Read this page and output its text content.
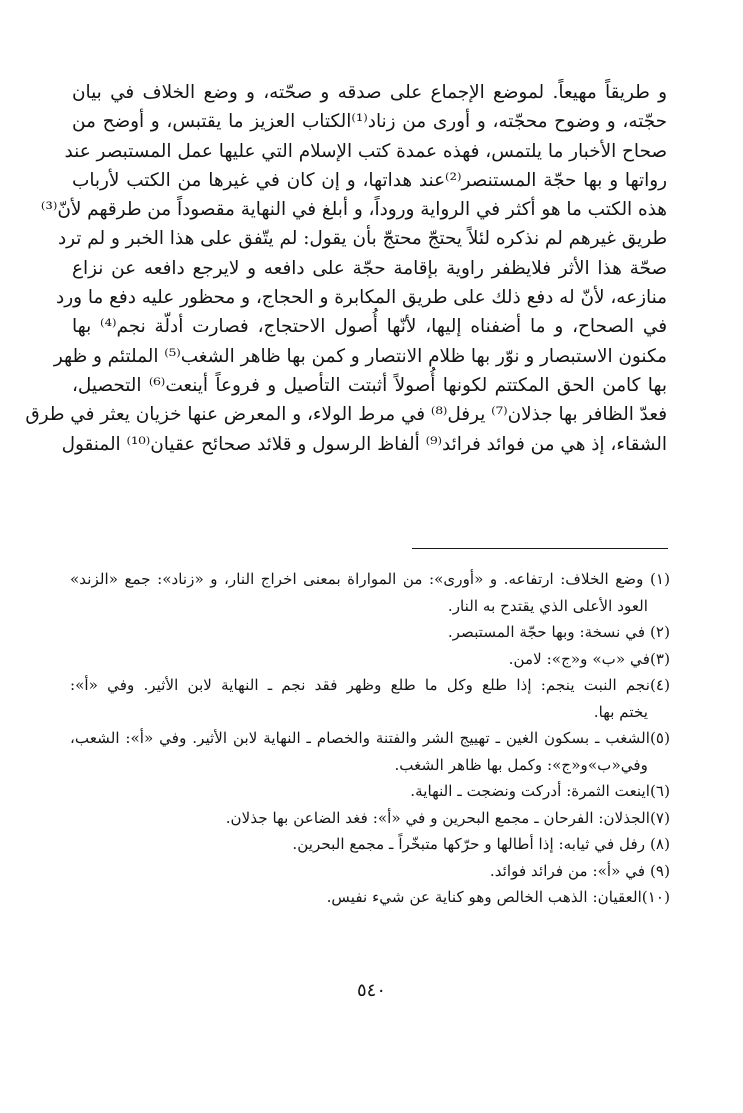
و طريقاً مهيعاً. لموضع الإجماع على صدقه و صحّته، و وضع الخلاف في بيان
حجّته، و وضوح محجّته، و أورى من زناد⁽¹⁾الكتاب العزيز ما يقتبس، و أوضح من
صحاح الأخبار ما يلتمس، فهذه عمدة كتب الإسلام التي عليها عمل المستبصر عند
رواتها و بها حجّة المستنصر⁽²⁾عند هداتها، و إن كان في غيرها من الكتب لأرباب
هذه الكتب ما هو أكثر في الرواية وروداً، و أبلغ في النهاية مقصوداً من طرقهم لأنّ⁽³⁾
طريق غيرهم لم نذكره لئلاً يحتجّ محتجّ بأن يقول: لم يتّفق على هذا الخبر و لم ترد
صحّة هذا الأثر فلايظفر راوية بإقامة حجّة على دافعه و لايرجع دافعه عن نزاع
منازعه، لأنّ له دفع ذلك على طريق المكابرة و الحجاج، و محظور عليه دفع ما ورد
في الصحاح، و ما أضفناه إليها، لأنّها أُصول الاحتجاج، فصارت أدلّة نجم⁽⁴⁾ بها
مكنون الاستبصار و نوّر بها ظلام الانتصار و كمن بها ظاهر الشغب⁽⁵⁾ الملتئم و ظهر
بها كامن الحق المكتتم لكونها أُصولاً أثبتت التأصيل و فروعاً أينعت⁽⁶⁾ التحصيل،
فعدّ الظافر بها جذلان⁽⁷⁾ يرفل⁽⁸⁾ في مرط الولاء، و المعرض عنها خزيان يعثر في طرق
الشقاء، إذ هي من فوائد فرائد⁽⁹⁾ ألفاظ الرسول و قلائد صحائح عقيان⁽¹⁰⁾ المنقول
(١) وضع الخلاف: ارتفاعه. و «أورى»: من المواراة بمعنى اخراج النار، و «زناد»: جمع «الزند»
العود الأعلى الذي يقتدح به النار.
(٢) في نسخة: وبها حجّة المستبصر.
(٣)في «ب» و«ج»: لامن.
(٤)نجم النبت ينجم: إذا طلع وكل ما طلع وظهر فقد نجم ـ النهاية لابن الأثير. وفي «أ»:
يختم بها.
(٥)الشغب ـ بسكون الغين ـ تهييج الشر والفتنة والخصام ـ النهاية لابن الأثير. وفي «أ»: الشعب،
وفي«ب»و«ج»: وكمل بها ظاهر الشغب.
(٦)اينعت الثمرة: أدركت ونضجت ـ النهاية.
(٧)الجذلان: الفرحان ـ مجمع البحرين و في «أ»: فغد الضاعن بها جذلان.
(٨) رفل في ثيابه: إذا أطالها و حرّكها متبخّراً ـ مجمع البحرين.
(٩) في «أ»: من فرائد فوائد.
(١٠)العقيان: الذهب الخالص وهو كناية عن شيء نفيس.
٥٤٠
